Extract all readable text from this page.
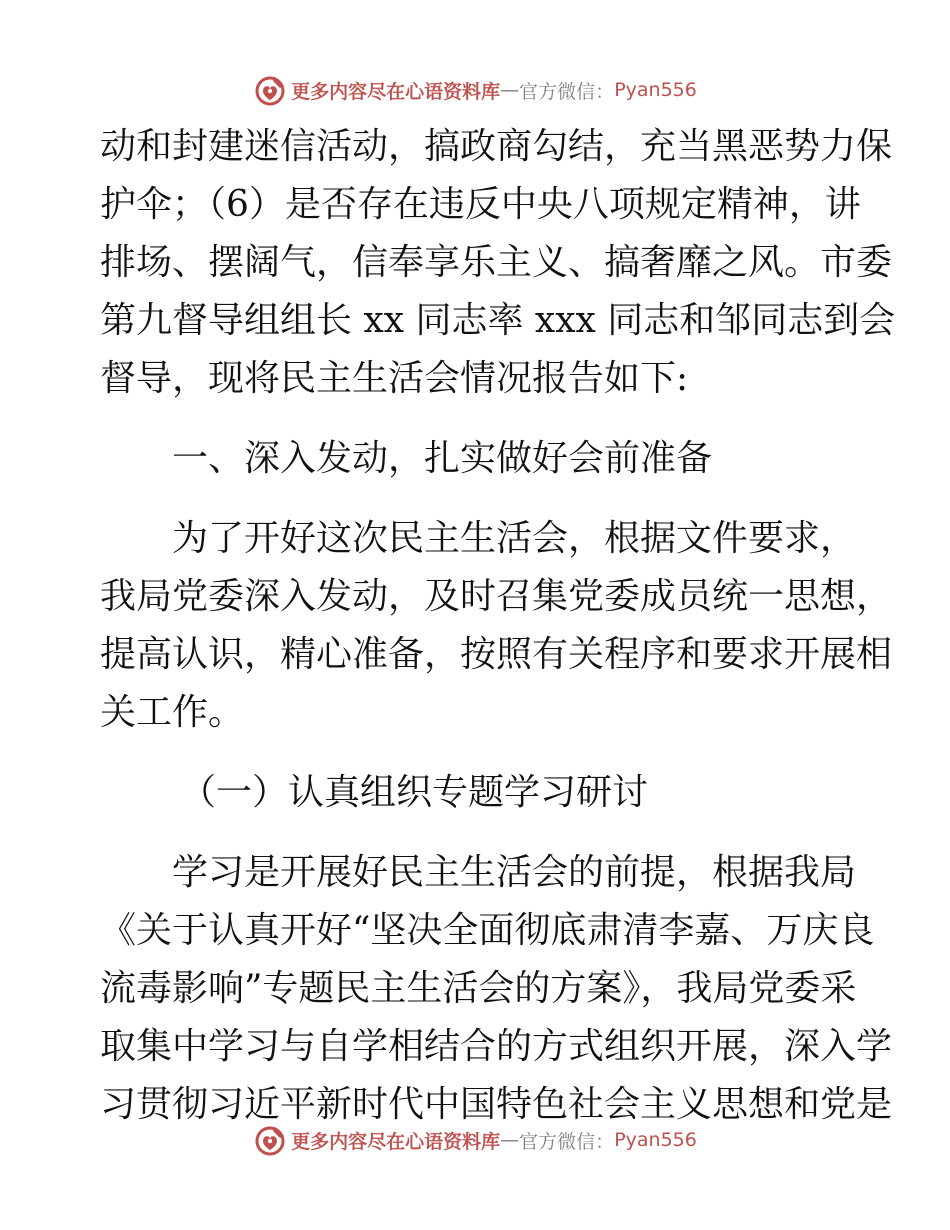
更多内容尽在心语资料库 — 官方微信： Pyan556
动和封建迷信活动，搞政商勾结，充当黑恶势力保
护伞；（6）是否存在违反中央八项规定精神，讲
排场、摆阔气，信奉享乐主义、搞奢靡之风。市委
第九督导组组长 xx 同志率 xxx 同志和邹同志到会
督导，现将民主生活会情况报告如下:
一、深入发动，扎实做好会前准备
为了开好这次民主生活会，根据文件要求，
我局党委深入发动，及时召集党委成员统一思想，
提高认识，精心准备，按照有关程序和要求开展相
关工作。
（一）认真组织专题学习研讨
学习是开展好民主生活会的前提，根据我局
《关于认真开好“坚决全面彻底肃清李嘉、万庆良
流毒影响”专题民主生活会的方案》，我局党委采
取集中学习与自学相结合的方式组织开展，深入学
习贯彻习近平新时代中国特色社会主义思想和党是
更多内容尽在心语资料库 — 官方微信： Pyan556
